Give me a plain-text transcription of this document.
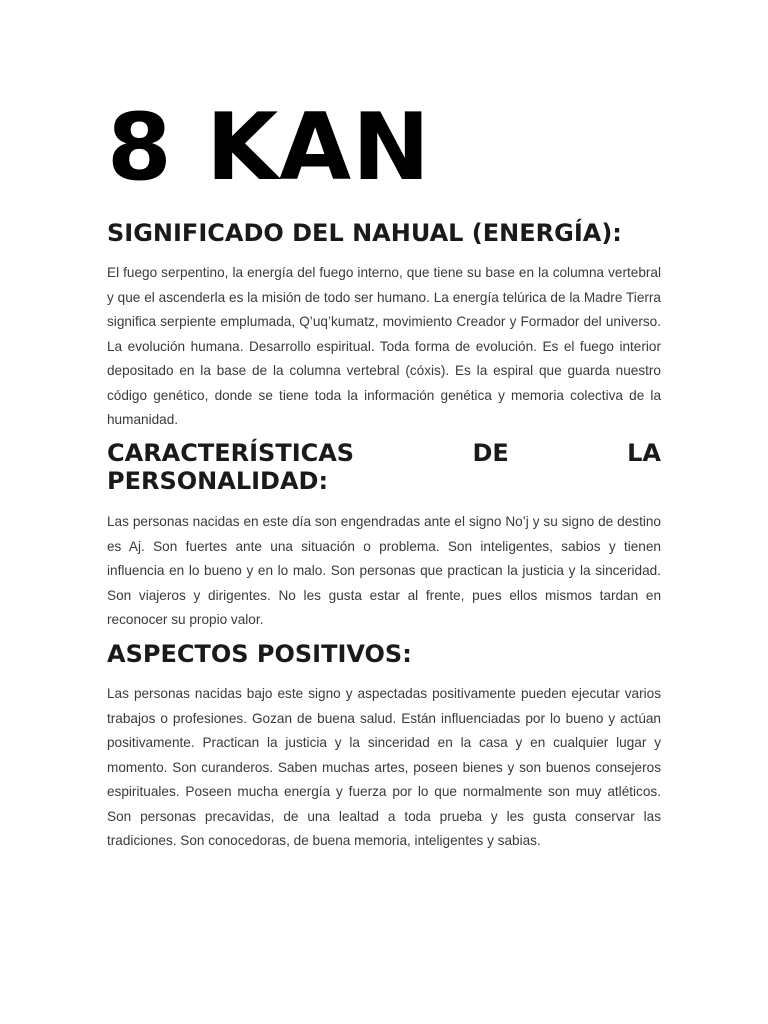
8 KAN
SIGNIFICADO DEL NAHUAL (ENERGÍA):

El fuego serpentino, la energía del fuego interno, que tiene su base en la columna vertebral y que el ascenderla es la misión de todo ser humano. La energía telúrica de la Madre Tierra significa serpiente emplumada, Q’uq’kumatz, movimiento Creador y Formador del universo. La evolución humana. Desarrollo espiritual. Toda forma de evolución. Es el fuego interior depositado en la base de la columna vertebral (cóxis). Es la espiral que guarda nuestro código genético, donde se tiene toda la información genética y memoria colectiva de la humanidad.

CARACTERÍSTICAS	DE	LA
PERSONALIDAD:

Las personas nacidas en este día son engendradas ante el signo No’j y su signo de destino es Aj. Son fuertes ante una situación o problema. Son inteligentes, sabios y tienen influencia en lo bueno y en lo malo. Son personas que practican la justicia y la sinceridad. Son viajeros y dirigentes. No les gusta estar al frente, pues ellos mismos tardan en reconocer su propio valor.

ASPECTOS POSITIVOS:

Las personas nacidas bajo este signo y aspectadas positivamente pueden ejecutar varios trabajos o profesiones. Gozan de buena salud. Están influenciadas por lo bueno y actúan positivamente. Practican la justicia y la sinceridad en la casa y en cualquier lugar y momento. Son curanderos. Saben muchas artes, poseen bienes y son buenos consejeros espirituales. Poseen mucha energía y fuerza por lo que normalmente son muy atléticos. Son personas precavidas, de una lealtad a toda prueba y les gusta conservar las tradiciones. Son conocedoras, de buena memoria, inteligentes y sabias.
